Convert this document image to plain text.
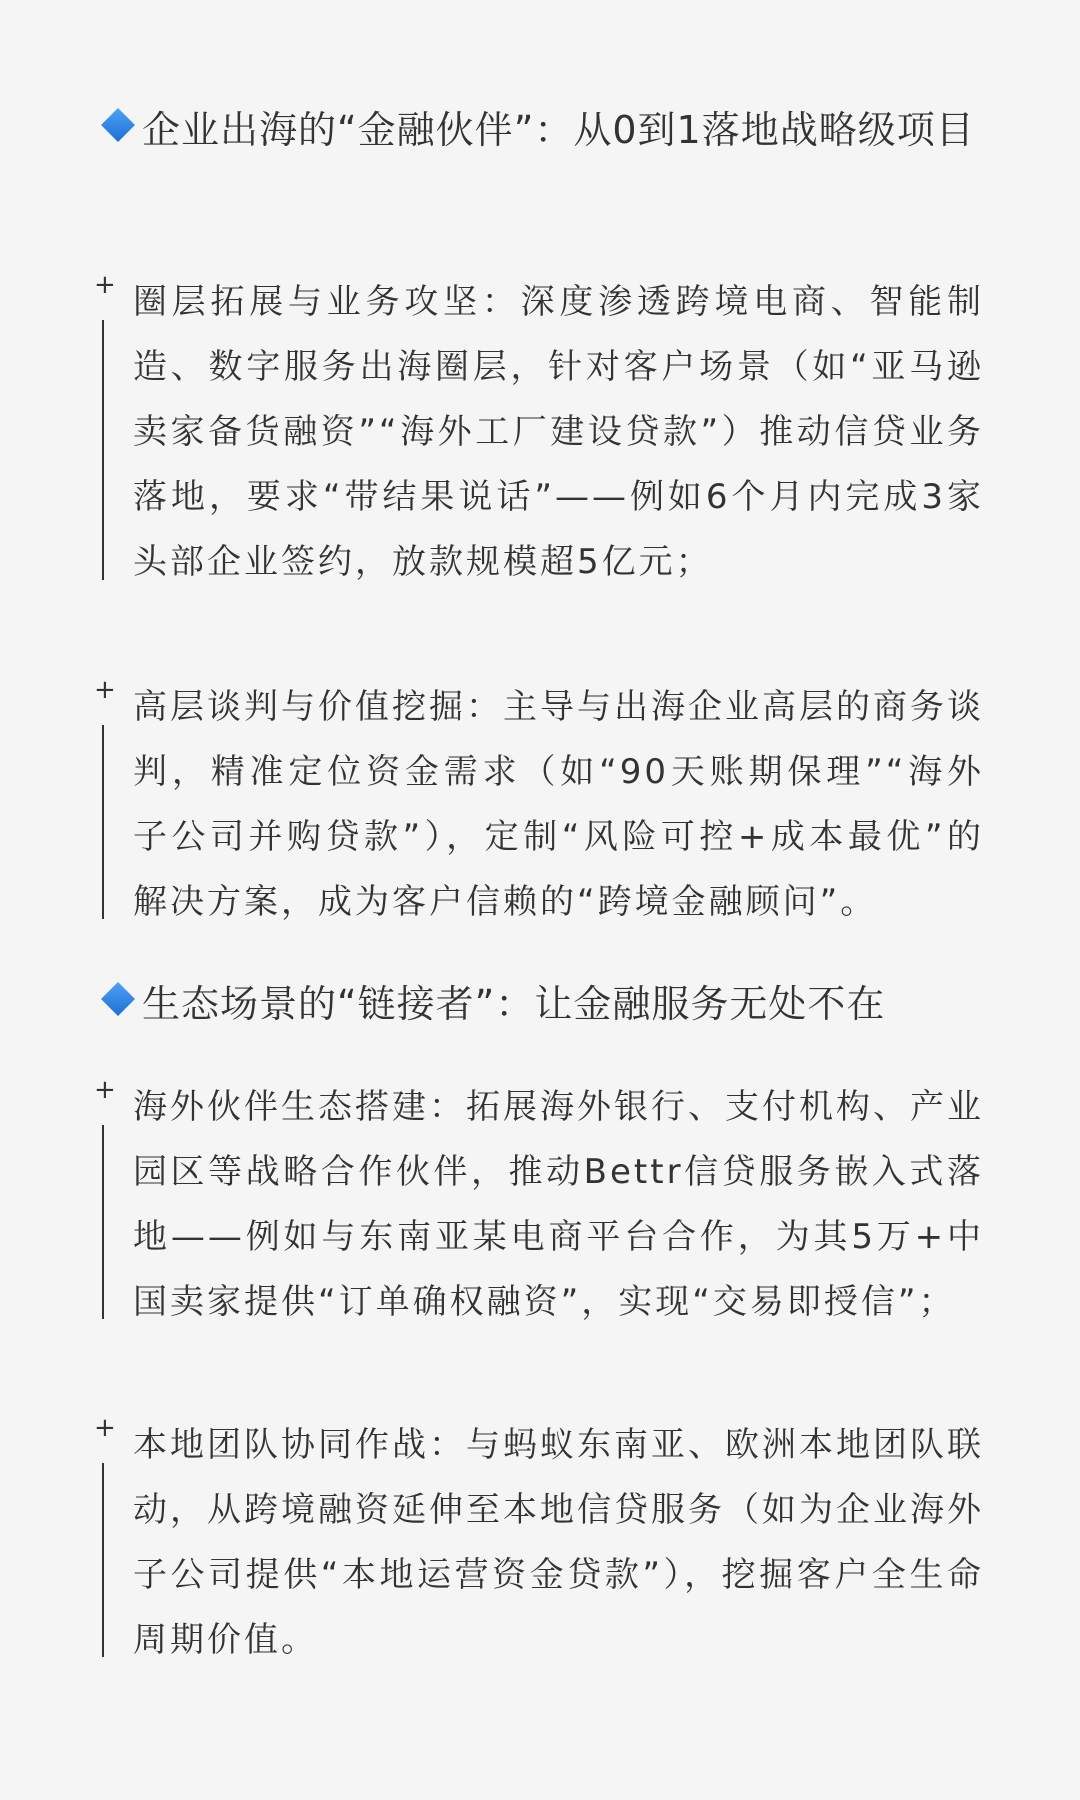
企业出海的“金融伙伴”：从0到1落地战略级项目
+ 圈层拓展与业务攻坚：深度渗透跨境电商、智能制造、数字服务出海圈层，针对客户场景（如“亚马逊卖家备货融资”“海外工厂建设贷款”）推动信贷业务落地，要求“带结果说话”——例如6个月内完成3家头部企业签约，放款规模超5亿元；

+ 高层谈判与价值挖掘：主导与出海企业高层的商务谈判，精准定位资金需求（如“90天账期保理”“海外子公司并购贷款”），定制“风险可控+成本最优”的解决方案，成为客户信赖的“跨境金融顾问”。

生态场景的“链接者”：让金融服务无处不在
+ 海外伙伴生态搭建：拓展海外银行、支付机构、产业园区等战略合作伙伴，推动Bettr信贷服务嵌入式落地——例如与东南亚某电商平台合作，为其5万+中国卖家提供“订单确权融资”，实现“交易即授信”；

+ 本地团队协同作战：与蚂蚁东南亚、欧洲本地团队联动，从跨境融资延伸至本地信贷服务（如为企业海外子公司提供“本地运营资金贷款”），挖掘客户全生命周期价值。
